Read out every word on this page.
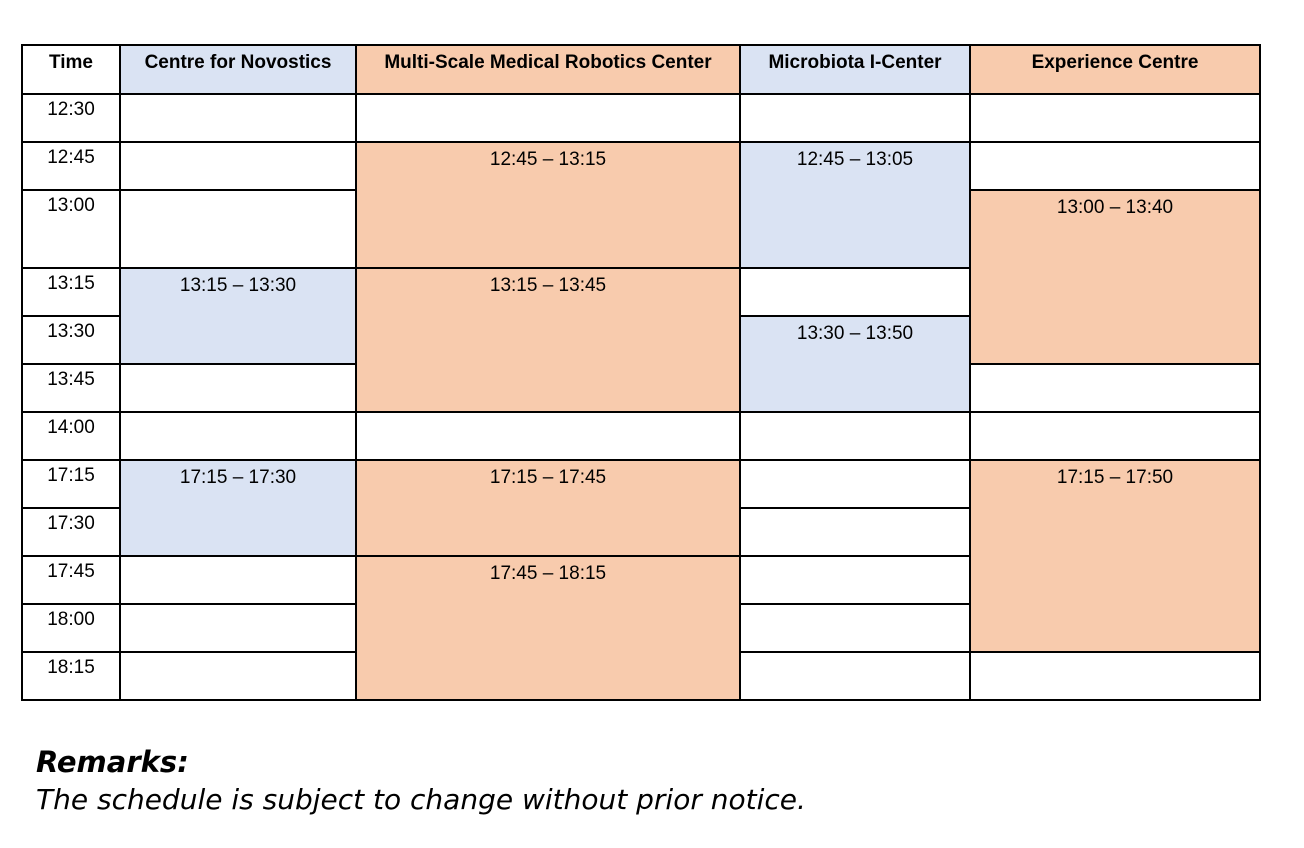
Time	Centre for Novostics	Multi-Scale Medical Robotics Center	Microbiota I-Center	Experience Centre
12:30				
12:45		12:45 – 13:15	12:45 – 13:05	
13:00				13:00 – 13:40
13:15	13:15 – 13:30	13:15 – 13:45		
13:30			13:30 – 13:50	
13:45				
14:00				
17:15	17:15 – 17:30	17:15 – 17:45		17:15 – 17:50
17:30				
17:45		17:45 – 18:15		
18:00				
18:15				
Remarks:
The schedule is subject to change without prior notice.
